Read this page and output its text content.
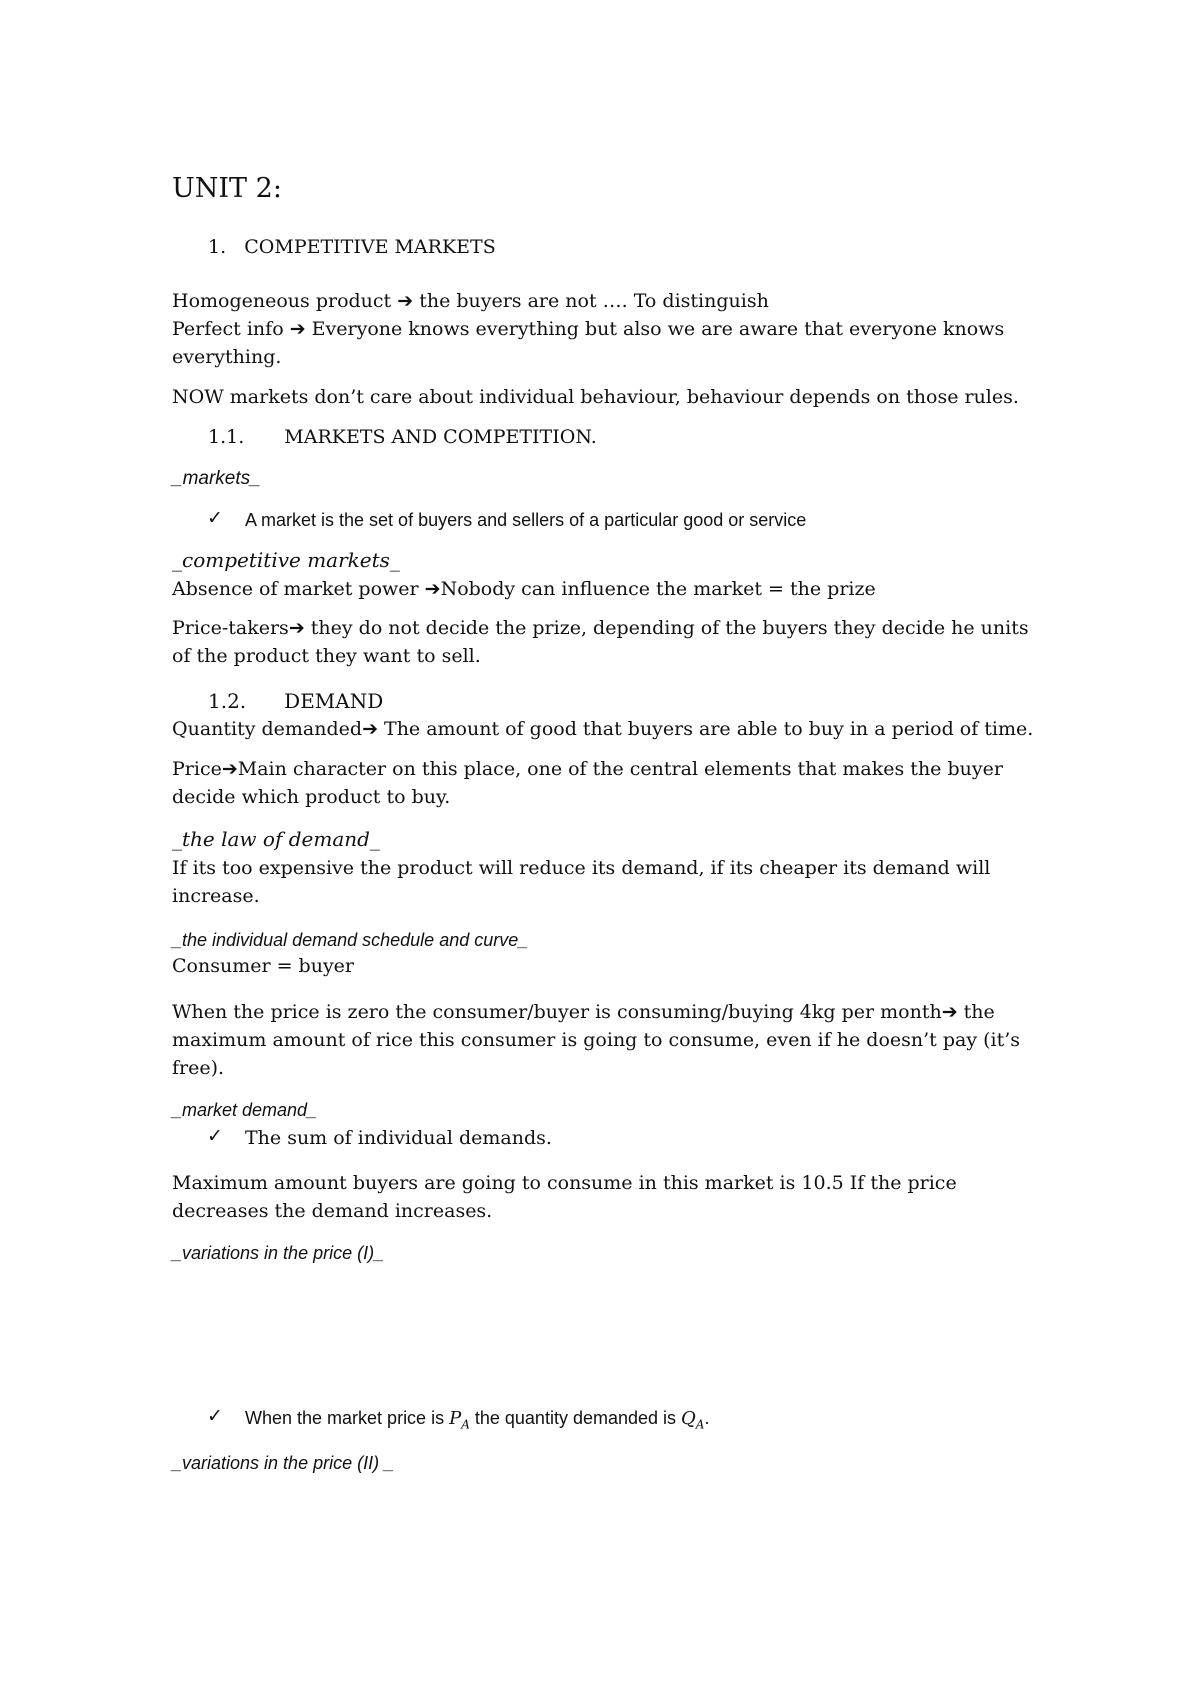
UNIT 2:
1. COMPETITIVE MARKETS
Homogeneous product ➔ the buyers are not …. To distinguish
Perfect info ➔ Everyone knows everything but also we are aware that everyone knows
everything.
NOW markets don’t care about individual behaviour, behaviour depends on those rules.
1.1. MARKETS AND COMPETITION.
_markets_
✓ A market is the set of buyers and sellers of a particular good or service
_competitive markets_
Absence of market power ➔Nobody can influence the market = the prize
Price-takers➔ they do not decide the prize, depending of the buyers they decide he units
of the product they want to sell.
1.2. DEMAND
Quantity demanded➔ The amount of good that buyers are able to buy in a period of time.
Price➔Main character on this place, one of the central elements that makes the buyer
decide which product to buy.
_the law of demand_
If its too expensive the product will reduce its demand, if its cheaper its demand will
increase.
_the individual demand schedule and curve_
Consumer = buyer
When the price is zero the consumer/buyer is consuming/buying 4kg per month➔ the
maximum amount of rice this consumer is going to consume, even if he doesn’t pay (it’s
free).
_market demand_
✓ The sum of individual demands.
Maximum amount buyers are going to consume in this market is 10.5 If the price
decreases the demand increases.
_variations in the price (I)_
✓ When the market price is $P_A$ the quantity demanded is $Q_A$.
_variations in the price (II) _
